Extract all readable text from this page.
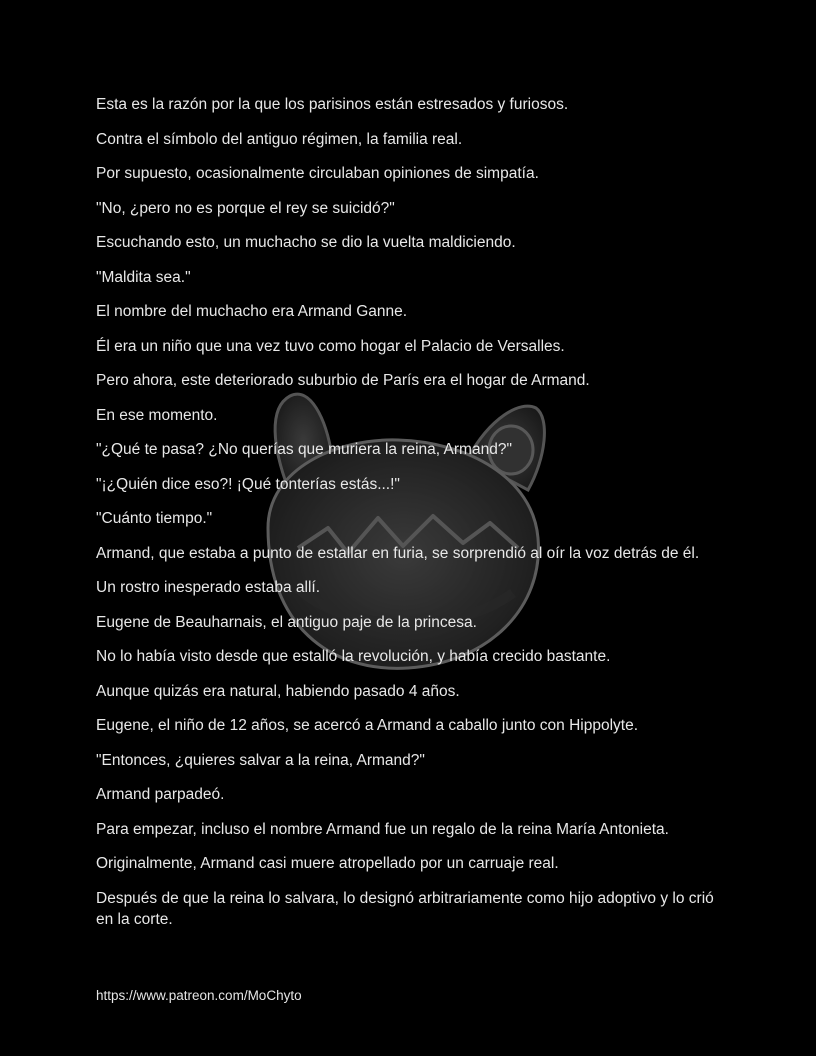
Esta es la razón por la que los parisinos están estresados y furiosos.

Contra el símbolo del antiguo régimen, la familia real.

Por supuesto, ocasionalmente circulaban opiniones de simpatía.

"No, ¿pero no es porque el rey se suicidó?"

Escuchando esto, un muchacho se dio la vuelta maldiciendo.

"Maldita sea."

El nombre del muchacho era Armand Ganne.

Él era un niño que una vez tuvo como hogar el Palacio de Versalles.

Pero ahora, este deteriorado suburbio de París era el hogar de Armand.

En ese momento.

"¿Qué te pasa? ¿No querías que muriera la reina, Armand?"

"¡¿Quién dice eso?! ¡Qué tonterías estás...!"

"Cuánto tiempo."

Armand, que estaba a punto de estallar en furia, se sorprendió al oír la voz detrás de él.

Un rostro inesperado estaba allí.

Eugene de Beauharnais, el antiguo paje de la princesa.

No lo había visto desde que estalló la revolución, y había crecido bastante.

Aunque quizás era natural, habiendo pasado 4 años.

Eugene, el niño de 12 años, se acercó a Armand a caballo junto con Hippolyte.

"Entonces, ¿quieres salvar a la reina, Armand?"

Armand parpadeó.

Para empezar, incluso el nombre Armand fue un regalo de la reina María Antonieta.

Originalmente, Armand casi muere atropellado por un carruaje real.

Después de que la reina lo salvara, lo designó arbitrariamente como hijo adoptivo y lo crió en la corte.

https://www.patreon.com/MoChyto
